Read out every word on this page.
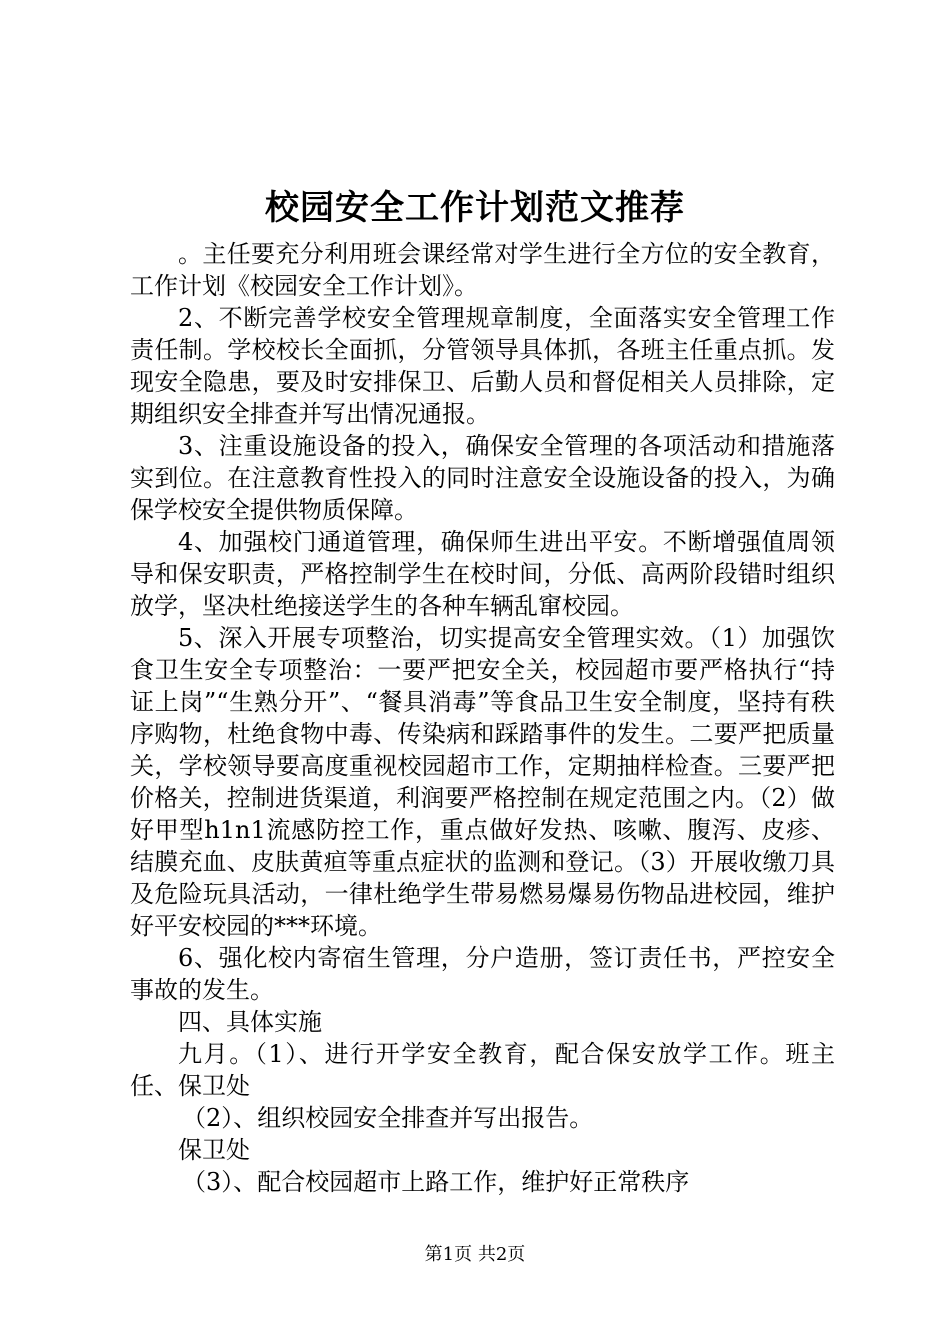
校园安全工作计划范文推荐

。主任要充分利用班会课经常对学生进行全方位的安全教育，工作计划《校园安全工作计划》。

2、不断完善学校安全管理规章制度，全面落实安全管理工作责任制。学校校长全面抓，分管领导具体抓，各班主任重点抓。发现安全隐患，要及时安排保卫、后勤人员和督促相关人员排除，定期组织安全排查并写出情况通报。

3、注重设施设备的投入，确保安全管理的各项活动和措施落实到位。在注意教育性投入的同时注意安全设施设备的投入，为确保学校安全提供物质保障。

4、加强校门通道管理，确保师生进出平安。不断增强值周领导和保安职责，严格控制学生在校时间，分低、高两阶段错时组织放学，坚决杜绝接送学生的各种车辆乱窜校园。

5、深入开展专项整治，切实提高安全管理实效。（1）加强饮食卫生安全专项整治：一要严把安全关，校园超市要严格执行“持证上岗”“生熟分开”、“餐具消毒”等食品卫生安全制度，坚持有秩序购物，杜绝食物中毒、传染病和踩踏事件的发生。二要严把质量关，学校领导要高度重视校园超市工作，定期抽样检查。三要严把价格关，控制进货渠道，利润要严格控制在规定范围之内。（2）做好甲型h1n1流感防控工作，重点做好发热、咳嗽、腹泻、皮疹、结膜充血、皮肤黄疸等重点症状的监测和登记。（3）开展收缴刀具及危险玩具活动，一律杜绝学生带易燃易爆易伤物品进校园，维护好平安校园的***环境。

6、强化校内寄宿生管理，分户造册，签订责任书，严控安全事故的发生。

四、具体实施

九月。（1）、进行开学安全教育，配合保安放学工作。班主任、保卫处

（2）、组织校园安全排查并写出报告。

保卫处

（3）、配合校园超市上路工作，维护好正常秩序

第1页 共2页
